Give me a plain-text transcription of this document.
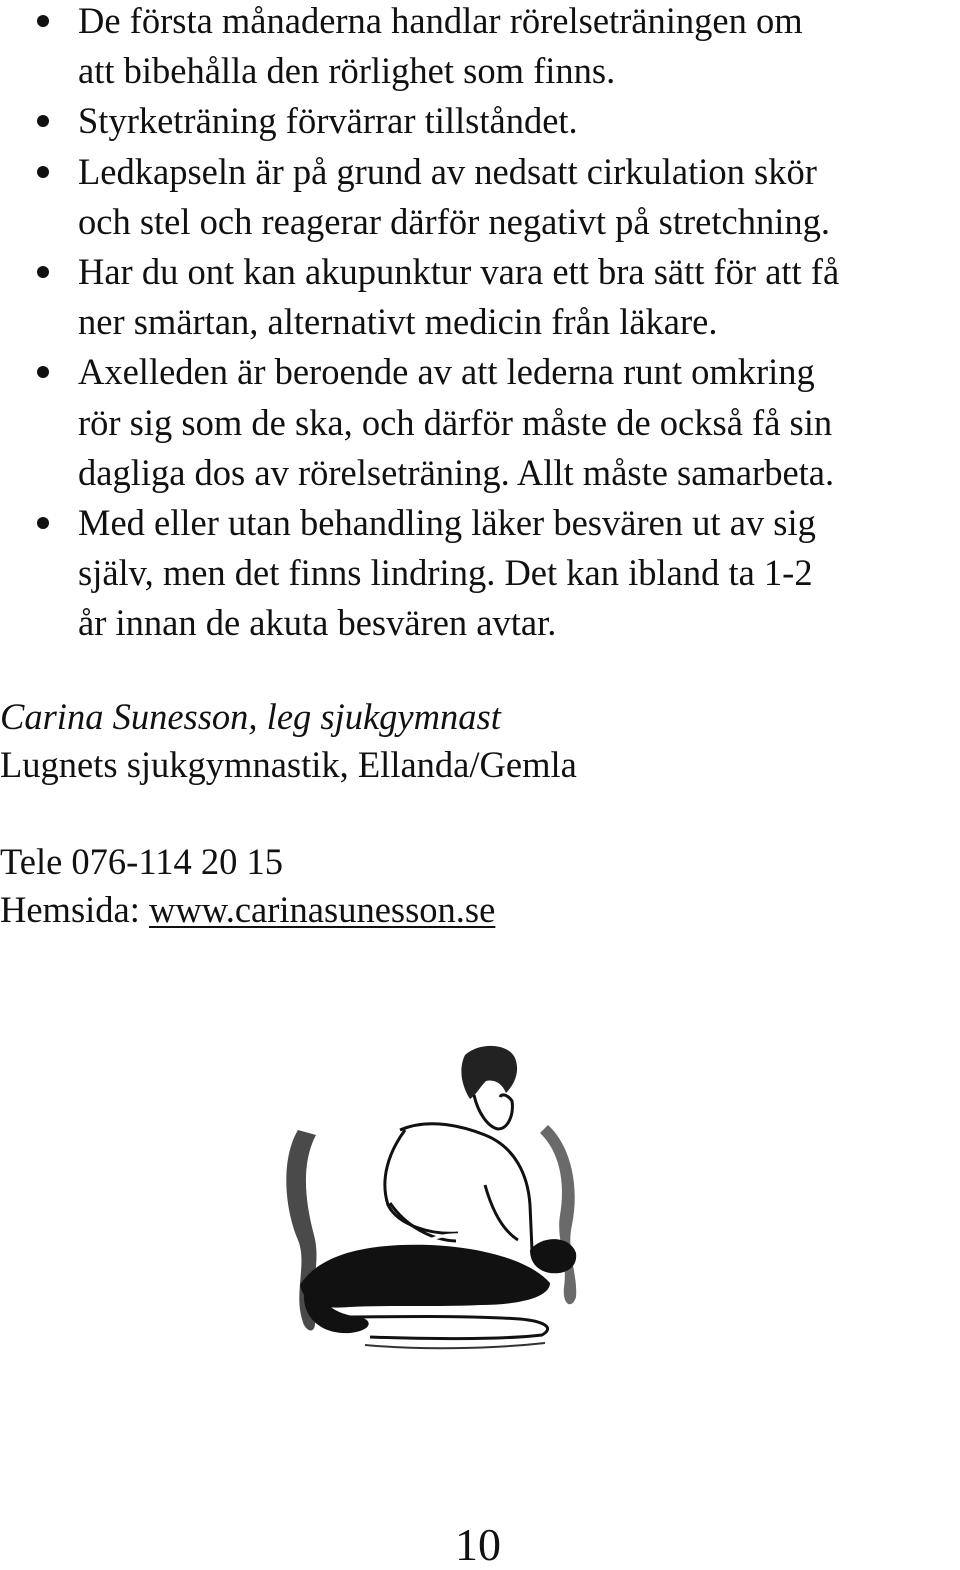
De första månaderna handlar rörelseträningen om
att bibehålla den rörlighet som finns.
Styrketräning förvärrar tillståndet.
Ledkapseln är på grund av nedsatt cirkulation skör
och stel och reagerar därför negativt på stretchning.
Har du ont kan akupunktur vara ett bra sätt för att få
ner smärtan, alternativt medicin från läkare.
Axelleden är beroende av att lederna runt omkring
rör sig som de ska, och därför måste de också få sin
dagliga dos av rörelseträning. Allt måste samarbeta.
Med eller utan behandling läker besvären ut av sig
själv, men det finns lindring. Det kan ibland ta 1-2
år innan de akuta besvären avtar.
Carina Sunesson, leg sjukgymnast
Lugnets sjukgymnastik, Ellanda/Gemla
Tele 076-114 20 15
Hemsida: www.carinasunesson.se
10
